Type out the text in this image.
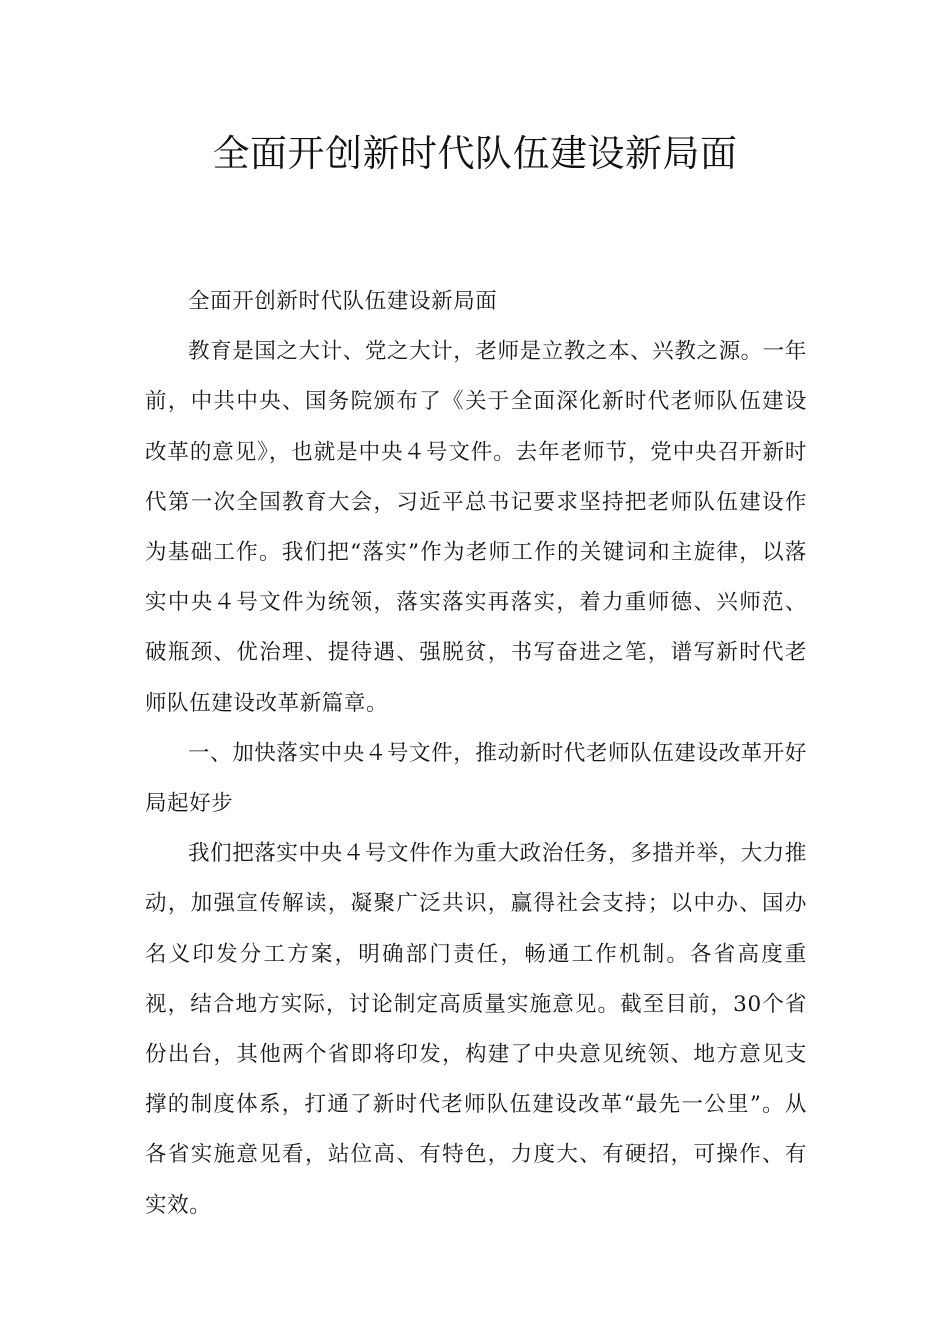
全面开创新时代队伍建设新局面

全面开创新时代队伍建设新局面

教育是国之大计、党之大计，老师是立教之本、兴教之源。一年前，中共中央、国务院颁布了《关于全面深化新时代老师队伍建设改革的意见》，也就是中央４号文件。去年老师节，党中央召开新时代第一次全国教育大会，习近平总书记要求坚持把老师队伍建设作为基础工作。我们把“落实”作为老师工作的关键词和主旋律，以落实中央４号文件为统领，落实落实再落实，着力重师德、兴师范、破瓶颈、优治理、提待遇、强脱贫，书写奋进之笔，谱写新时代老师队伍建设改革新篇章。

一、加快落实中央４号文件，推动新时代老师队伍建设改革开好局起好步

我们把落实中央４号文件作为重大政治任务，多措并举，大力推动，加强宣传解读，凝聚广泛共识，赢得社会支持；以中办、国办名义印发分工方案，明确部门责任，畅通工作机制。各省高度重视，结合地方实际，讨论制定高质量实施意见。截至目前，30个省份出台，其他两个省即将印发，构建了中央意见统领、地方意见支撑的制度体系，打通了新时代老师队伍建设改革“最先一公里”。从各省实施意见看，站位高、有特色，力度大、有硬招，可操作、有实效。
